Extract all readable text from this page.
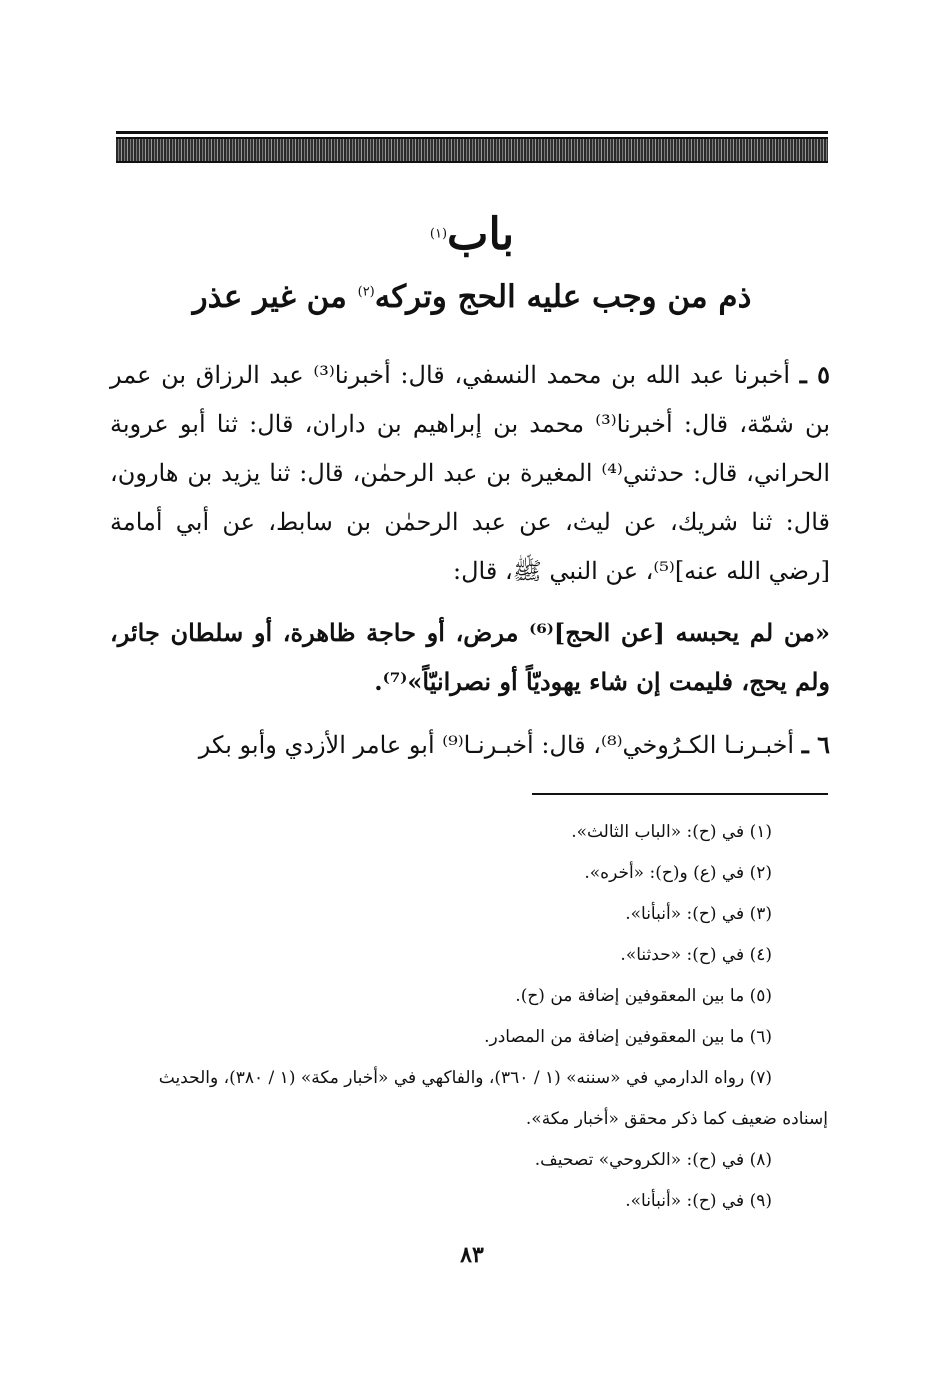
باب$^{(١)}$
ذم من وجب عليه الحج وتركه$^{(٢)}$ من غير عذر

٥ ـ أخبرنا عبد الله بن محمد النسفي، قال: أخبرنا⁽³⁾ عبد الرزاق بن عمر بن شمّة، قال: أخبرنا⁽³⁾ محمد بن إبراهيم بن داران، قال: ثنا أبو عروبة الحراني، قال: حدثني⁽⁴⁾ المغيرة بن عبد الرحمٰن، قال: ثنا يزيد بن هارون، قال: ثنا شريك، عن ليث، عن عبد الرحمٰن بن سابط، عن أبي أمامة [رضي الله عنه]⁽⁵⁾، عن النبي ﷺ، قال:

«من لم يحبسه [عن الحج]⁽⁶⁾ مرض، أو حاجة ظاهرة، أو سلطان جائر، ولم يحج، فليمت إن شاء يهوديّاً أو نصرانيّاً»⁽⁷⁾.

٦ ـ أخبـرنـا الكـرُوخي⁽⁸⁾، قال: أخبـرنـا⁽⁹⁾ أبو عامر الأزدي وأبو بكر

(١) في (ح): «الباب الثالث».
(٢) في (ع) و(ح): «أخره».
(٣) في (ح): «أنبأنا».
(٤) في (ح): «حدثنا».
(٥) ما بين المعقوفين إضافة من (ح).
(٦) ما بين المعقوفين إضافة من المصادر.
(٧) رواه الدارمي في «سننه» (١ / ٣٦٠)، والفاكهي في «أخبار مكة» (١ / ٣٨٠)، والحديث
إسناده ضعيف كما ذكر محقق «أخبار مكة».
(٨) في (ح): «الكروحي» تصحيف.
(٩) في (ح): «أنبأنا».
٨٣
